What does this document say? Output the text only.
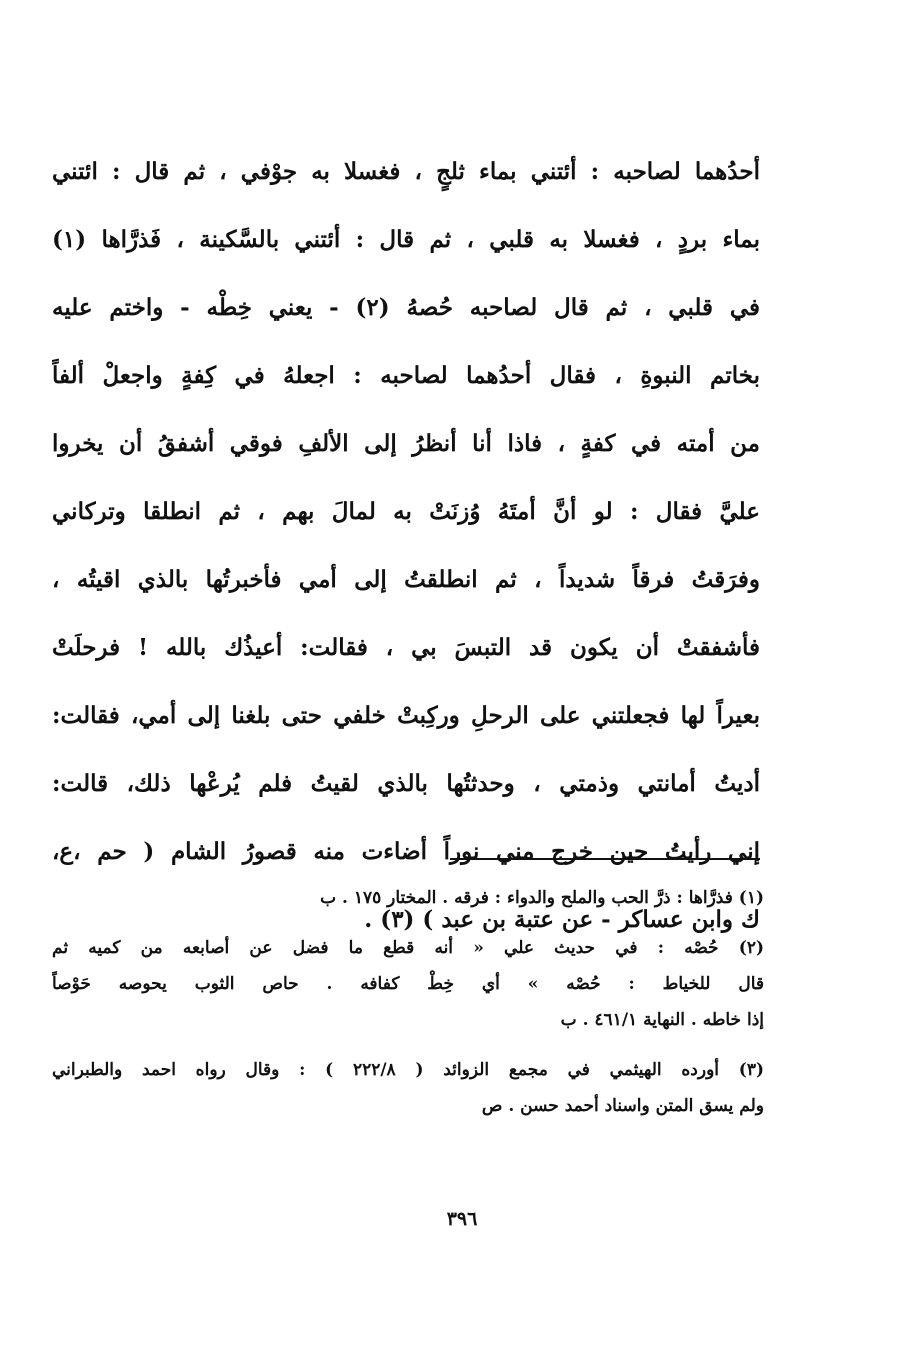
أحدُهما لصاحبه : أئتني بماء ثلجٍ ، فغسلا به جوْفي ، ثم قال : ائتني
بماء بردٍ ، فغسلا به قلبي ، ثم قال : أئتني بالسَّكينة ، فَذرَّاها (١)
في قلبي ، ثم قال لصاحبه حُصهُ (٢) - يعني خِطْه - واختم عليه
بخاتم النبوةِ ، فقال أحدُهما لصاحبه : اجعلهُ في كِفةٍ واجعلْ ألفاً
من أمته في كفةٍ ، فاذا أنا أنظرُ إلى الألفِ فوقي أشفقُ أن يخروا
عليَّ فقال : لو أنَّ أمتَهُ وُزنَتْ به لمالَ بهم ، ثم انطلقا وتركاني
وفرَقتُ فرقاً شديداً ، ثم انطلقتُ إلى أمي فأخبرتُها بالذي اقيتُه ،
فأشفقتْ أن يكون قد التبسَ بي ، فقالت: أعيذُك بالله ! فرحلَتْ
بعيراً لها فجعلتني على الرحلِ وركِبتْ خلفي حتى بلغنا إلى أمي، فقالت:
أديتُ أمانتي وذمتي ، وحدثتُها بالذي لقيتُ فلم يُرعْها ذلك، قالت:
إني رأيتُ حين خرج مني نوراً أضاءت منه قصورُ الشام ( حم ،ع،
ك وابن عساكر - عن عتبة بن عبد ) (٣) .
(١) فذرَّاها : ذرَّ الحب والملح والدواء : فرقه . المختار ١٧٥ . ب
(٢) حُصْه : في حديث علي « أنه قطع ما فضل عن أصابعه من كميه ثم
قال للخياط : حُصْه » أي خِطْ كفافه . حاص الثوب يحوصه حَوْصاً
إذا خاطه . النهاية ٤٦١/١ . ب
(٣) أورده الهيثمي في مجمع الزوائد ( ٢٢٢/٨ ) : وقال رواه احمد والطبراني
ولم يسق المتن واسناد أحمد حسن . ص
٣٩٦
